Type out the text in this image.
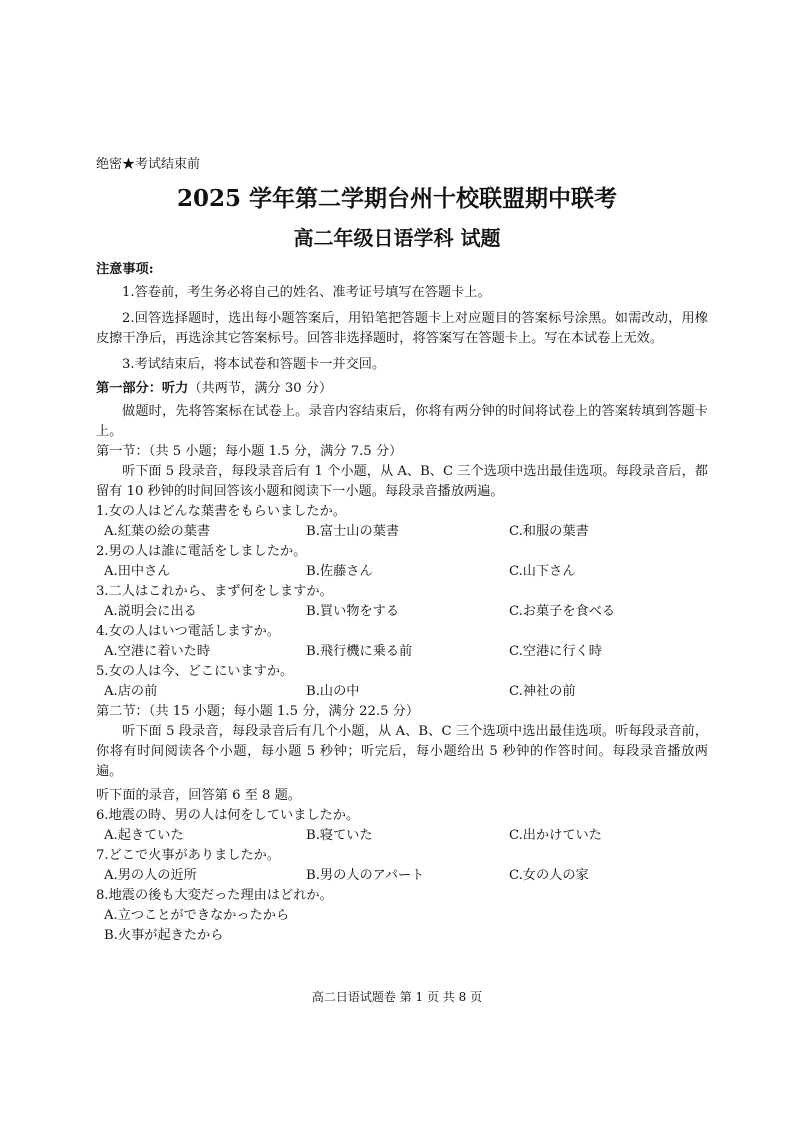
绝密★考试结束前
2025 学年第二学期台州十校联盟期中联考
高二年级日语学科 试题

注意事项:

1.答卷前，考生务必将自己的姓名、准考证号填写在答题卡上。

2.回答选择题时，选出每小题答案后，用铅笔把答题卡上对应题目的答案标号涂黑。如需改动，用橡皮擦干净后，再选涂其它答案标号。回答非选择题时，将答案写在答题卡上。写在本试卷上无效。

3.考试结束后，将本试卷和答题卡一并交回。

第一部分：听力（共两节，满分 30 分）

做题时，先将答案标在试卷上。录音内容结束后，你将有两分钟的时间将试卷上的答案转填到答题卡上。

第一节：（共 5 小题；每小题 1.5 分，满分 7.5 分）

听下面 5 段录音，每段录音后有 1 个小题，从 A、B、C 三个选项中选出最佳选项。每段录音后，都留有 10 秒钟的时间回答该小题和阅读下一小题。每段录音播放两遍。

1.女の人はどんな葉書をもらいましたか。

A.紅葉の絵の葉書	B.富士山の葉書	C.和服の葉書

2.男の人は誰に電話をしましたか。

A.田中さん	B.佐藤さん	C.山下さん

3.二人はこれから、まず何をしますか。

A.説明会に出る	B.買い物をする	C.お菓子を食べる

4.女の人はいつ電話しますか。

A.空港に着いた時	B.飛行機に乗る前	C.空港に行く時

5.女の人は今、どこにいますか。

A.店の前	B.山の中	C.神社の前

第二节：（共 15 小题；每小题 1.5 分，满分 22.5 分）

听下面 5 段录音，每段录音后有几个小题，从 A、B、C 三个选项中选出最佳选项。听每段录音前，你将有时间阅读各个小题，每小题 5 秒钟；听完后，每小题给出 5 秒钟的作答时间。每段录音播放两遍。

听下面的录音，回答第 6 至 8 题。

6.地震の時、男の人は何をしていましたか。

A.起きていた	B.寝ていた	C.出かけていた

7.どこで火事がありましたか。

A.男の人の近所	B.男の人のアパート	C.女の人の家

8.地震の後も大変だった理由はどれか。

A.立つことができなかったから

B.火事が起きたから

高二日语试题卷 第 1 页 共 8 页
